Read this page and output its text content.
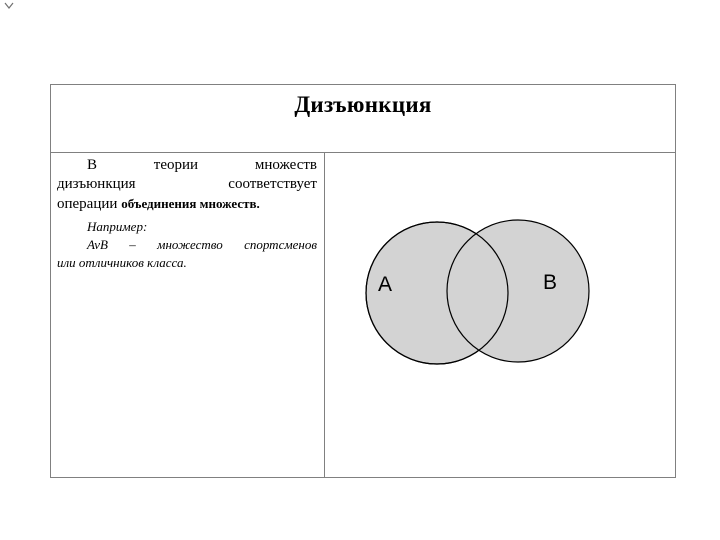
Дизъюнкция
В	теории	множеств
дизъюнкция	соответствует
операции объединения множеств.
Например:
AvB – множество спортсменов
или отличников класса.
A	B
